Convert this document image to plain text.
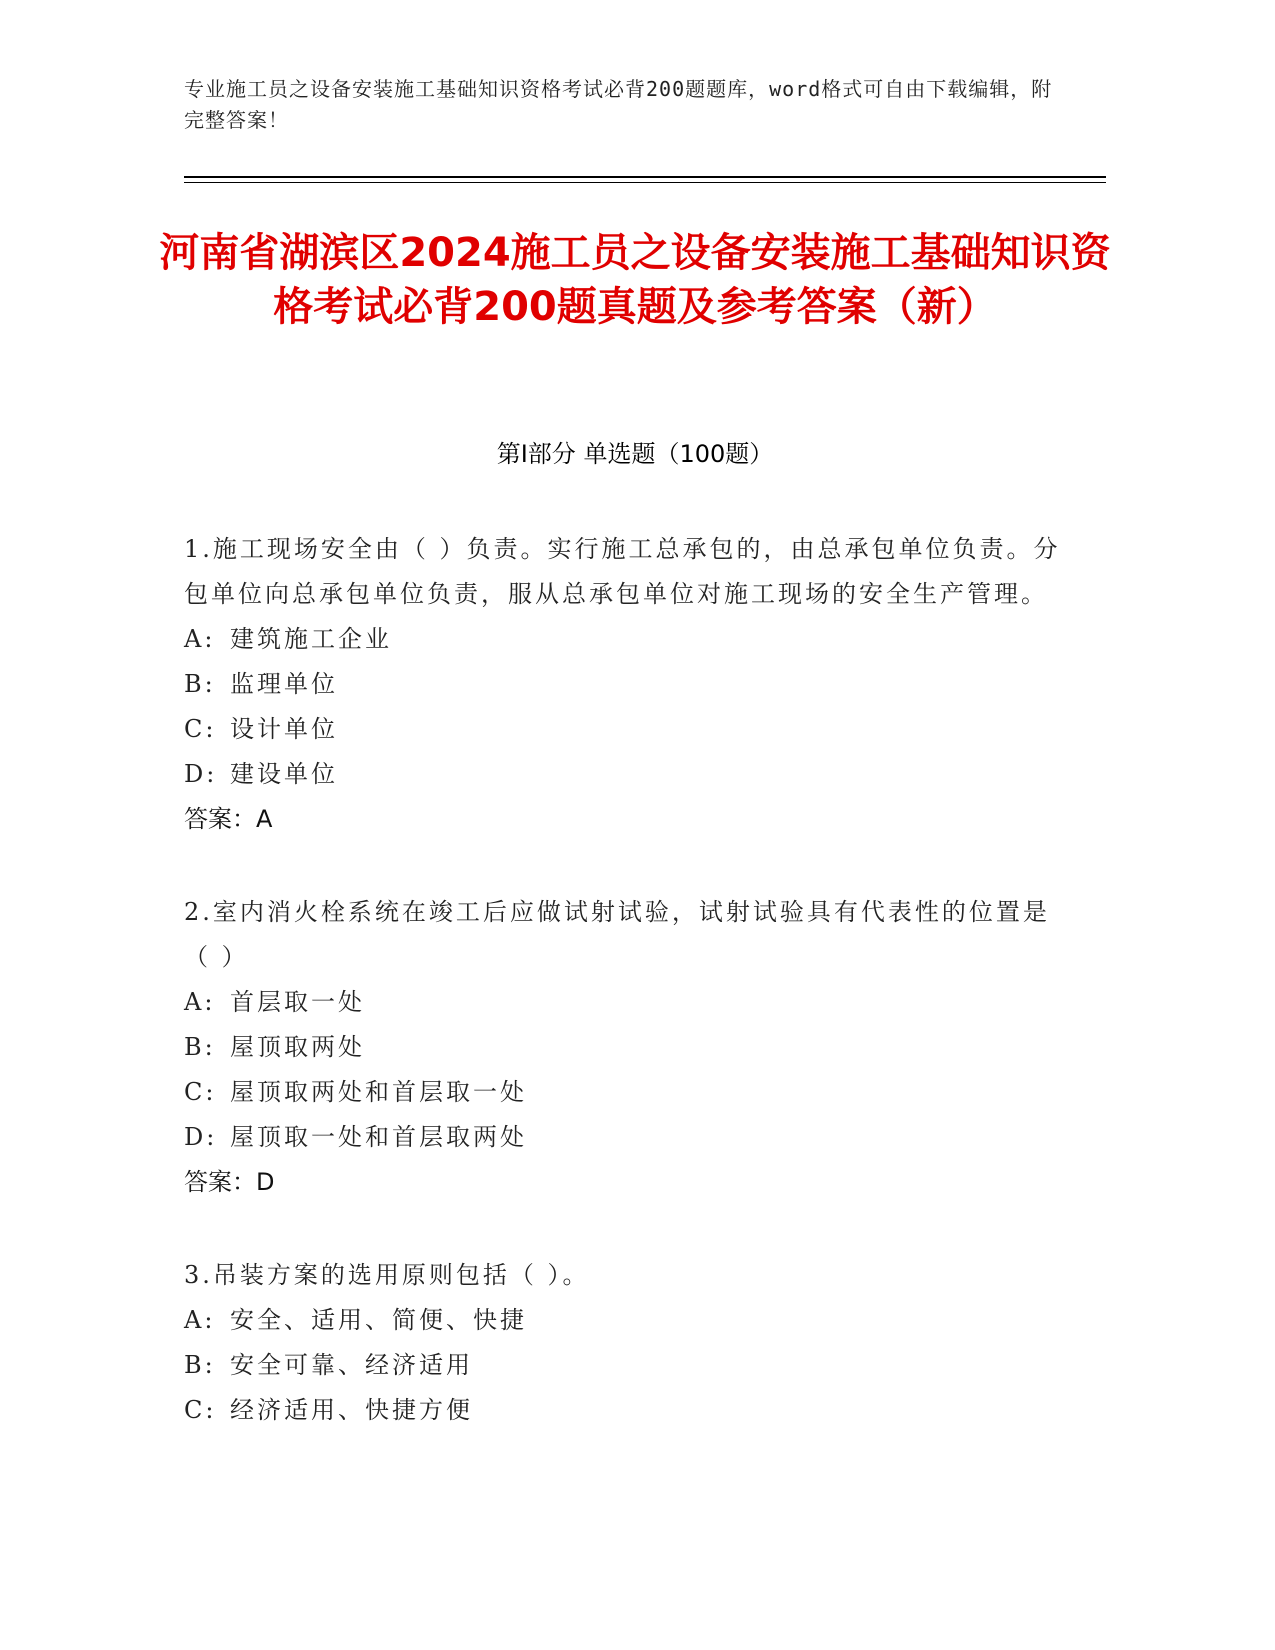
专业施工员之设备安装施工基础知识资格考试必背200题题库，word格式可自由下载编辑，附完整答案！
河南省湖滨区2024施工员之设备安装施工基础知识资格考试必背200题真题及参考答案（新）
第Ⅰ部分 单选题（100题）
1.施工现场安全由（ ）负责。实行施工总承包的，由总承包单位负责。分包单位向总承包单位负责，服从总承包单位对施工现场的安全生产管理。
A: 建筑施工企业
B: 监理单位
C: 设计单位
D: 建设单位
答案：A
2.室内消火栓系统在竣工后应做试射试验，试射试验具有代表性的位置是（ ）
A: 首层取一处
B: 屋顶取两处
C: 屋顶取两处和首层取一处
D: 屋顶取一处和首层取两处
答案：D
3.吊装方案的选用原则包括（ ）。
A: 安全、适用、简便、快捷
B: 安全可靠、经济适用
C: 经济适用、快捷方便
